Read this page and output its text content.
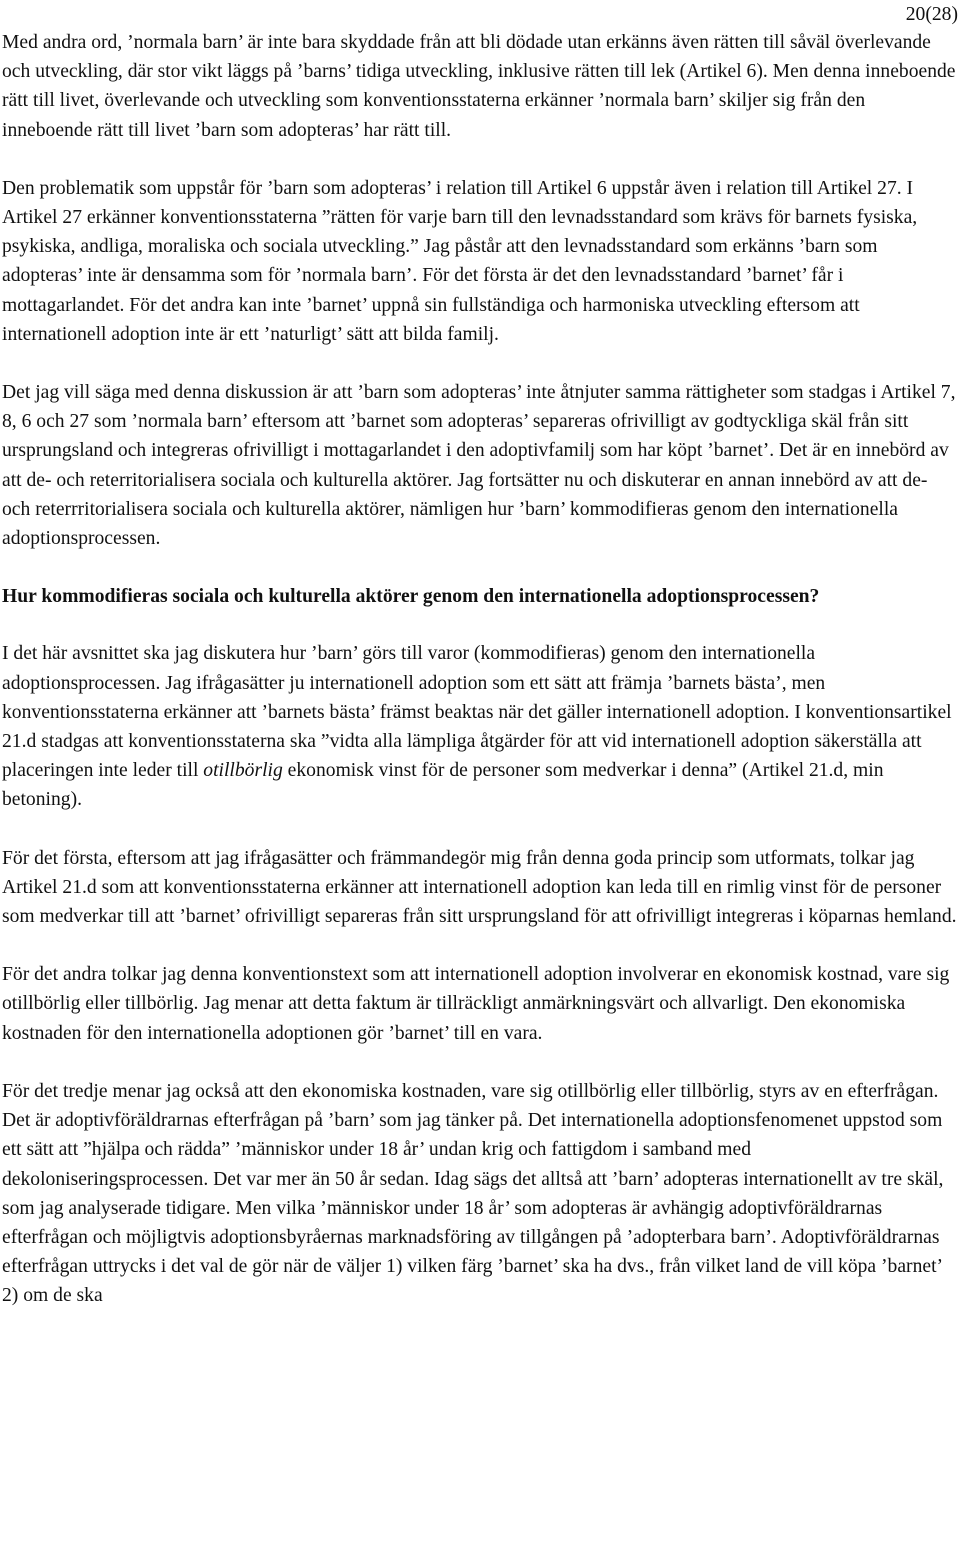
20(28)

Med andra ord, ’normala barn’ är inte bara skyddade från att bli dödade utan erkänns även rätten till såväl överlevande och utveckling, där stor vikt läggs på ’barns’ tidiga utveckling, inklusive rätten till lek (Artikel 6). Men denna inneboende rätt till livet, överlevande och utveckling som konventionsstaterna erkänner ’normala barn’ skiljer sig från den inneboende rätt till livet ’barn som adopteras’ har rätt till.

Den problematik som uppstår för ’barn som adopteras’ i relation till Artikel 6 uppstår även i relation till Artikel 27. I Artikel 27 erkänner konventionsstaterna ”rätten för varje barn till den levnadsstandard som krävs för barnets fysiska, psykiska, andliga, moraliska och sociala utveckling.” Jag påstår att den levnadsstandard som erkänns ’barn som adopteras’ inte är densamma som för ’normala barn’. För det första är det den levnadsstandard ’barnet’ får i mottagarlandet. För det andra kan inte ’barnet’ uppnå sin fullständiga och harmoniska utveckling eftersom att internationell adoption inte är ett ’naturligt’ sätt att bilda familj.

Det jag vill säga med denna diskussion är att ’barn som adopteras’ inte åtnjuter samma rättigheter som stadgas i Artikel 7, 8, 6 och 27 som ’normala barn’ eftersom att ’barnet som adopteras’ separeras ofrivilligt av godtyckliga skäl från sitt ursprungsland och integreras ofrivilligt i mottagarlandet i den adoptivfamilj som har köpt ’barnet’. Det är en innebörd av att de- och reterritorialisera sociala och kulturella aktörer. Jag fortsätter nu och diskuterar en annan innebörd av att de- och reterrritorialisera sociala och kulturella aktörer, nämligen hur ’barn’ kommodifieras genom den internationella adoptionsprocessen.

Hur kommodifieras sociala och kulturella aktörer genom den internationella adoptionsprocessen?

I det här avsnittet ska jag diskutera hur ’barn’ görs till varor (kommodifieras) genom den internationella adoptionsprocessen. Jag ifrågasätter ju internationell adoption som ett sätt att främja ’barnets bästa’, men konventionsstaterna erkänner att ’barnets bästa’ främst beaktas när det gäller internationell adoption. I konventionsartikel 21.d stadgas att konventionsstaterna ska ”vidta alla lämpliga åtgärder för att vid internationell adoption säkerställa att placeringen inte leder till otillbörlig ekonomisk vinst för de personer som medverkar i denna” (Artikel 21.d, min betoning).

För det första, eftersom att jag ifrågasätter och främmandegör mig från denna goda princip som utformats, tolkar jag Artikel 21.d som att konventionsstaterna erkänner att internationell adoption kan leda till en rimlig vinst för de personer som medverkar till att ’barnet’ ofrivilligt separeras från sitt ursprungsland för att ofrivilligt integreras i köparnas hemland.

För det andra tolkar jag denna konventionstext som att internationell adoption involverar en ekonomisk kostnad, vare sig otillbörlig eller tillbörlig. Jag menar att detta faktum är tillräckligt anmärkningsvärt och allvarligt. Den ekonomiska kostnaden för den internationella adoptionen gör ’barnet’ till en vara.

För det tredje menar jag också att den ekonomiska kostnaden, vare sig otillbörlig eller tillbörlig, styrs av en efterfrågan. Det är adoptivföräldrarnas efterfrågan på ’barn’ som jag tänker på. Det internationella adoptionsfenomenet uppstod som ett sätt att ”hjälpa och rädda” ’människor under 18 år’ undan krig och fattigdom i samband med dekoloniseringsprocessen. Det var mer än 50 år sedan. Idag sägs det alltså att ’barn’ adopteras internationellt av tre skäl, som jag analyserade tidigare. Men vilka ’människor under 18 år’ som adopteras är avhängig adoptivföräldrarnas efterfrågan och möjligtvis adoptionsbyråernas marknadsföring av tillgången på ’adopterbara barn’. Adoptivföräldrarnas efterfrågan uttrycks i det val de gör när de väljer 1) vilken färg ’barnet’ ska ha dvs., från vilket land de vill köpa ’barnet’ 2) om de ska
